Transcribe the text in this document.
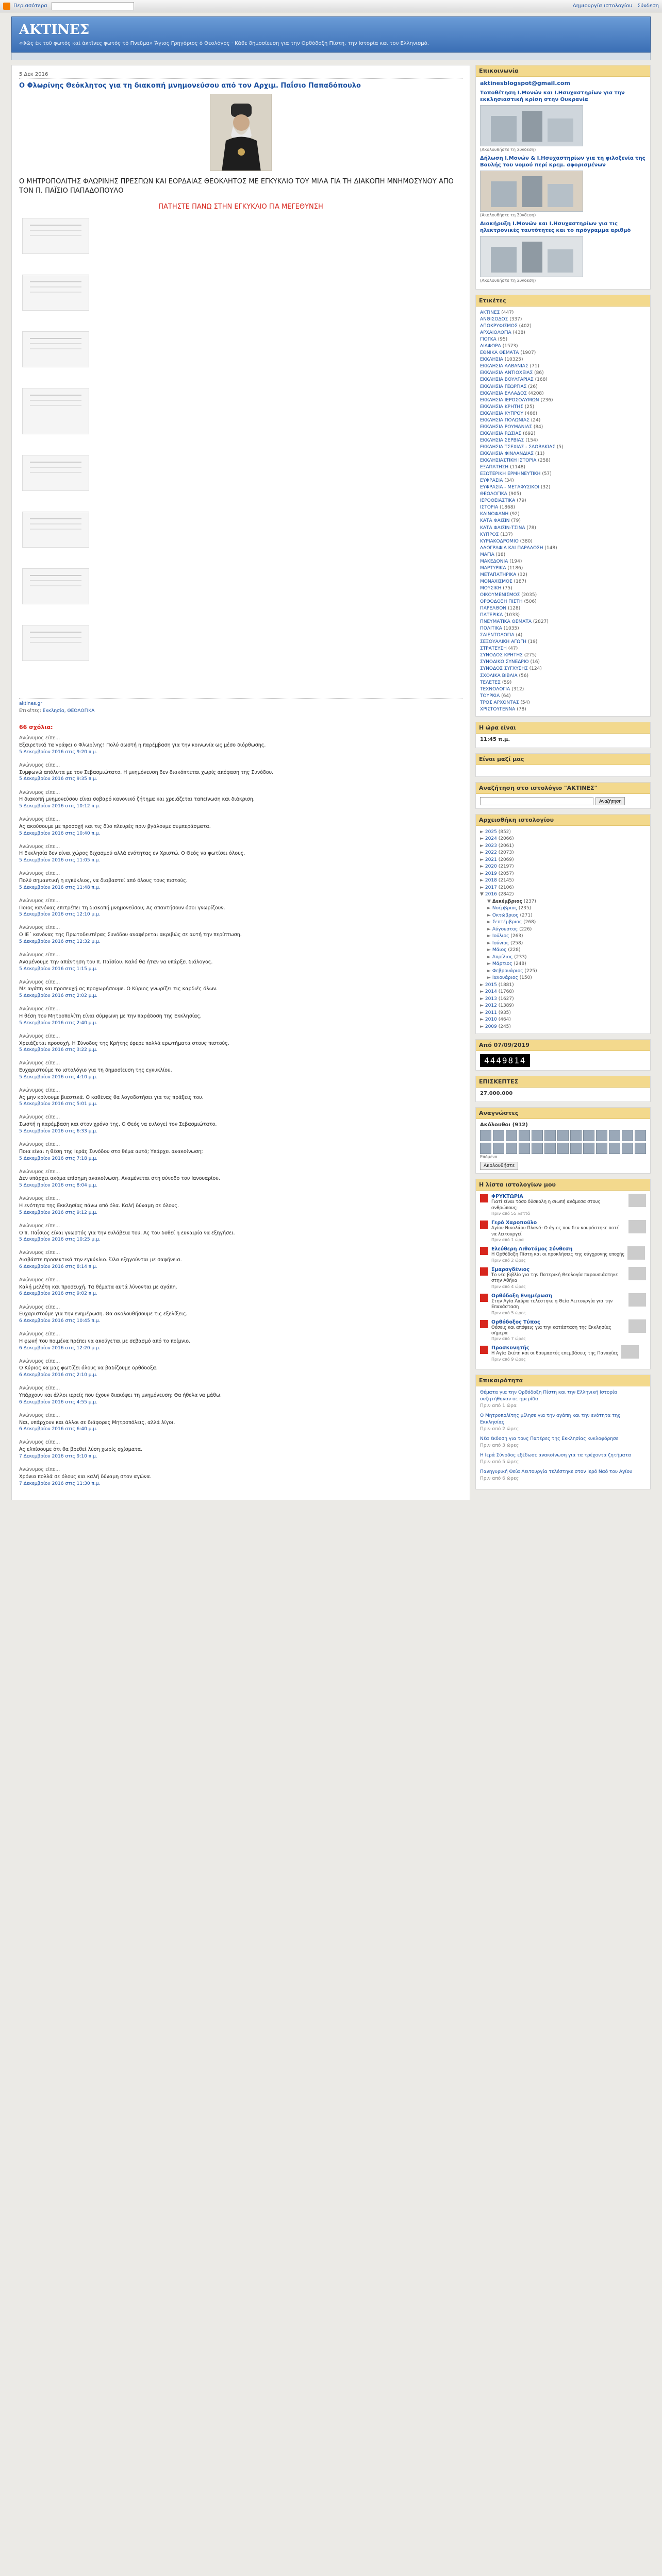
Περισσότερα	Δημιουργία ιστολογίου Σύνδεση
ΑΚΤΙΝΕΣ
«Φῶς ἐκ τοῦ φωτὸς καὶ ἀκτῖνες φωτὸς τὸ Πνεῦμα» Ἅγιος Γρηγόριος ὁ Θεολόγος · Κάθε δημοσίευση για την Ορθόδοξη Πίστη, την Ιστορία και τον Ελληνισμό.
5 Δεκ 2016
Ο Φλωρίνης Θεόκλητος για τη διακοπή μνημονεύσου από τον Αρχιμ. Παΐσιο Παπαδόπουλο
Ο ΜΗΤΡΟΠΟΛΙΤΗΣ ΦΛΩΡΙΝΗΣ ΠΡΕΣΠΩΝ ΚΑΙ ΕΟΡΔΑΙΑΣ ΘΕΟΚΛΗΤΟΣ ΜΕ ΕΓΚΥΚΛΙΟ ΤΟΥ ΜΙΛΑ ΓΙΑ ΤΗ ΔΙΑΚΟΠΗ ΜΝΗΜΟΣΥΝΟΥ ΑΠΟ ΤΟΝ Π. ΠΑΪΣΙΟ ΠΑΠΑΔΟΠΟΥΛΟ
ΠΑΤΗΣΤΕ ΠΑΝΩ ΣΤΗΝ ΕΓΚΥΚΛΙΟ ΓΙΑ ΜΕΓΕΘΥΝΣΗ
aktines.gr
Ετικέτες: Εκκλησία, ΘΕΟΛΟΓΙΚΑ
66 σχόλια:
Ανώνυμος είπε...
Εξαιρετικά τα γράφει ο Φλωρίνης! Πολύ σωστή η παρέμβαση για την κοινωνία ως μέσο διόρθωσης.
5 Δεκεμβρίου 2016 στις 9:20 π.μ.
Ανώνυμος είπε...
Συμφωνώ απόλυτα με τον Σεβασμιώτατο. Η μνημόνευση δεν διακόπτεται χωρίς απόφαση της Συνόδου.
5 Δεκεμβρίου 2016 στις 9:35 π.μ.
Ανώνυμος είπε...
Η διακοπή μνημονεύσου είναι σοβαρό κανονικό ζήτημα και χρειάζεται ταπείνωση και διάκριση.
5 Δεκεμβρίου 2016 στις 10:12 π.μ.
Ανώνυμος είπε...
Ας ακούσουμε με προσοχή και τις δύο πλευρές πριν βγάλουμε συμπεράσματα.
5 Δεκεμβρίου 2016 στις 10:40 π.μ.
Ανώνυμος είπε...
Η Εκκλησία δεν είναι χώρος διχασμού αλλά ενότητας εν Χριστώ. Ο Θεός να φωτίσει όλους.
5 Δεκεμβρίου 2016 στις 11:05 π.μ.
Ανώνυμος είπε...
Πολύ σημαντική η εγκύκλιος, να διαβαστεί από όλους τους πιστούς.
5 Δεκεμβρίου 2016 στις 11:48 π.μ.
Ανώνυμος είπε...
Ποιος κανόνας επιτρέπει τη διακοπή μνημονεύσου; Ας απαντήσουν όσοι γνωρίζουν.
5 Δεκεμβρίου 2016 στις 12:10 μ.μ.
Ανώνυμος είπε...
Ο ΙΕ΄ κανόνας της Πρωτοδευτέρας Συνόδου αναφέρεται ακριβώς σε αυτή την περίπτωση.
5 Δεκεμβρίου 2016 στις 12:32 μ.μ.
Ανώνυμος είπε...
Αναμένουμε την απάντηση του π. Παϊσίου. Καλό θα ήταν να υπάρξει διάλογος.
5 Δεκεμβρίου 2016 στις 1:15 μ.μ.
Ανώνυμος είπε...
Με αγάπη και προσευχή ας προχωρήσουμε. Ο Κύριος γνωρίζει τις καρδιές όλων.
5 Δεκεμβρίου 2016 στις 2:02 μ.μ.
Ανώνυμος είπε...
Η θέση του Μητροπολίτη είναι σύμφωνη με την παράδοση της Εκκλησίας.
5 Δεκεμβρίου 2016 στις 2:40 μ.μ.
Ανώνυμος είπε...
Χρειάζεται προσοχή. Η Σύνοδος της Κρήτης έφερε πολλά ερωτήματα στους πιστούς.
5 Δεκεμβρίου 2016 στις 3:22 μ.μ.
Ανώνυμος είπε...
Ευχαριστούμε το ιστολόγιο για τη δημοσίευση της εγκυκλίου.
5 Δεκεμβρίου 2016 στις 4:10 μ.μ.
Ανώνυμος είπε...
Ας μην κρίνουμε βιαστικά. Ο καθένας θα λογοδοτήσει για τις πράξεις του.
5 Δεκεμβρίου 2016 στις 5:01 μ.μ.
Ανώνυμος είπε...
Σωστή η παρέμβαση και στον χρόνο της. Ο Θεός να ευλογεί τον Σεβασμιώτατο.
5 Δεκεμβρίου 2016 στις 6:33 μ.μ.
Ανώνυμος είπε...
Ποια είναι η θέση της Ιεράς Συνόδου στο θέμα αυτό; Υπάρχει ανακοίνωση;
5 Δεκεμβρίου 2016 στις 7:18 μ.μ.
Ανώνυμος είπε...
Δεν υπάρχει ακόμα επίσημη ανακοίνωση. Αναμένεται στη σύνοδο του Ιανουαρίου.
5 Δεκεμβρίου 2016 στις 8:04 μ.μ.
Ανώνυμος είπε...
Η ενότητα της Εκκλησίας πάνω από όλα. Καλή δύναμη σε όλους.
5 Δεκεμβρίου 2016 στις 9:12 μ.μ.
Ανώνυμος είπε...
Ο π. Παΐσιος είναι γνωστός για την ευλάβεια του. Ας του δοθεί η ευκαιρία να εξηγήσει.
5 Δεκεμβρίου 2016 στις 10:25 μ.μ.
Ανώνυμος είπε...
Διαβάστε προσεκτικά την εγκύκλιο. Όλα εξηγούνται με σαφήνεια.
6 Δεκεμβρίου 2016 στις 8:14 π.μ.
Ανώνυμος είπε...
Καλή μελέτη και προσευχή. Τα θέματα αυτά λύνονται με αγάπη.
6 Δεκεμβρίου 2016 στις 9:02 π.μ.
Ανώνυμος είπε...
Ευχαριστούμε για την ενημέρωση. Θα ακολουθήσουμε τις εξελίξεις.
6 Δεκεμβρίου 2016 στις 10:45 π.μ.
Ανώνυμος είπε...
Η φωνή του ποιμένα πρέπει να ακούγεται με σεβασμό από το ποίμνιο.
6 Δεκεμβρίου 2016 στις 12:20 μ.μ.
Ανώνυμος είπε...
Ο Κύριος να μας φωτίζει όλους να βαδίζουμε ορθόδοξα.
6 Δεκεμβρίου 2016 στις 2:10 μ.μ.
Ανώνυμος είπε...
Υπάρχουν και άλλοι ιερείς που έχουν διακόψει τη μνημόνευση; Θα ήθελα να μάθω.
6 Δεκεμβρίου 2016 στις 4:55 μ.μ.
Ανώνυμος είπε...
Ναι, υπάρχουν και άλλοι σε διάφορες Μητροπόλεις, αλλά λίγοι.
6 Δεκεμβρίου 2016 στις 6:40 μ.μ.
Ανώνυμος είπε...
Ας ελπίσουμε ότι θα βρεθεί λύση χωρίς σχίσματα.
7 Δεκεμβρίου 2016 στις 9:10 π.μ.
Ανώνυμος είπε...
Χρόνια πολλά σε όλους και καλή δύναμη στον αγώνα.
7 Δεκεμβρίου 2016 στις 11:30 π.μ.
Επικοινωνία
aktinesblogspot@gmail.com
Τοποθέτηση Ι.Μονών και Ι.Ησυχαστηρίων για την εκκλησιαστική κρίση στην Ουκρανία
(Ακολουθήστε τη Σύνδεση)
Δήλωση Ι.Μονών & Ι.Ησυχαστηρίων για τη φιλοξενία της Βουλής του νομού περί κρεμ. αφορισμένων
(Ακολουθήστε τη Σύνδεση)
Διακήρυξη Ι.Μονών και Ι.Ησυχαστηρίων για τις ηλεκτρονικές ταυτότητες και το πρόγραμμα αριθμό
(Ακολουθήστε τη Σύνδεση)
Ετικέτες
ΑΚΤΙΝΕΣ (447)
ΑΝΘΙΣΟΔΟΣ (337)
ΑΠΟΚΡΥΦΙΣΜΟΣ (402)
ΑΡΧΑΙΟΛΟΓΙΑ (438)
ΓΙΟΓΚΑ (95)
ΔΙΑΦΟΡΑ (1573)
ΕΘΝΙΚΑ ΘΕΜΑΤΑ (1907)
ΕΚΚΛΗΣΙΑ (10325)
ΕΚΚΛΗΣΙΑ ΑΛΒΑΝΙΑΣ (71)
ΕΚΚΛΗΣΙΑ ΑΝΤΙΟΧΕΙΑΣ (86)
ΕΚΚΛΗΣΙΑ ΒΟΥΛΓΑΡΙΑΣ (168)
ΕΚΚΛΗΣΙΑ ΓΕΩΡΓΙΑΣ (26)
ΕΚΚΛΗΣΙΑ ΕΛΛΑΔΟΣ (4208)
ΕΚΚΛΗΣΙΑ ΙΕΡΟΣΟΛΥΜΩΝ (236)
ΕΚΚΛΗΣΙΑ ΚΡΗΤΗΣ (25)
ΕΚΚΛΗΣΙΑ ΚΥΠΡΟΥ (466)
ΕΚΚΛΗΣΙΑ ΠΟΛΩΝΙΑΣ (24)
ΕΚΚΛΗΣΙΑ ΡΟΥΜΑΝΙΑΣ (84)
ΕΚΚΛΗΣΙΑ ΡΩΣΙΑΣ (692)
ΕΚΚΛΗΣΙΑ ΣΕΡΒΙΑΣ (154)
ΕΚΚΛΗΣΙΑ ΤΣΕΧΙΑΣ - ΣΛΟΒΑΚΙΑΣ (5)
ΕΚΚΛΗΣΙΑ ΦΙΝΛΑΝΔΙΑΣ (11)
ΕΚΚΛΗΣΙΑΣΤΙΚΗ ΙΣΤΟΡΙΑ (258)
ΕΞΑΠΑΤΗΣΗ (1148)
ΕΞΩΤΕΡΙΚΗ ΕΡΜΗΝΕΥΤΙΚΗ (57)
ΕΥΦΡΑΣΙΑ (34)
ΕΥΦΡΑΣΙΑ - ΜΕΤΑΦΥΣΙΚΟΙ (32)
ΘΕΟΛΟΓΙΚΑ (905)
ΙΕΡΟΘΕΙΑΣΤΙΚΑ (79)
ΙΣΤΟΡΙΑ (1868)
ΚΑΙΝΟΦΑΝΗ (92)
ΚΑΤΑ ΦΑΙΣΙΝ (79)
ΚΑΤΑ ΦΑΙΣΙΝ-ΤΣΙΝΑ (78)
ΚΥΠΡΟΣ (137)
ΚΥΡΙΑΚΟΔΡΟΜΙΟ (380)
ΛΑΟΓΡΑΦΙΑ ΚΑΙ ΠΑΡΑΔΟΣΗ (148)
ΜΑΓΙΑ (18)
ΜΑΚΕΔΟΝΙΑ (194)
ΜΑΡΤΥΡΙΚΑ (1186)
ΜΕΤΑΠΑΤΗΡΙΚΑ (32)
ΜΟΝΑΧΙΣΜΟΣ (187)
ΜΟΥΣΙΚΗ (75)
ΟΙΚΟΥΜΕΝΙΣΜΟΣ (2035)
ΟΡΘΟΔΟΞΗ ΠΙΣΤΗ (506)
ΠΑΡΕΛΘΟΝ (128)
ΠΑΤΕΡΙΚΑ (1033)
ΠΝΕΥΜΑΤΙΚΑ ΘΕΜΑΤΑ (2827)
ΠΟΛΙΤΙΚΑ (1035)
ΣΑΙΕΝΤΟΛΟΓΙΑ (4)
ΣΕΞΟΥΑΛΙΚΗ ΑΓΩΓΗ (19)
ΣΤΡΑΤΕΥΣΗ (47)
ΣΥΝΟΔΟΣ ΚΡΗΤΗΣ (275)
ΣΥΝΟΔΙΚΟ ΣΥΝΕΔΡΙΟ (16)
ΣΥΝΟΔΟΣ ΣΥΓΧΥΣΗΣ (124)
ΣΧΟΛΙΚΑ ΒΙΒΛΙΑ (56)
ΤΕΛΕΤΕΣ (59)
ΤΕΧΝΟΛΟΓΙΑ (312)
ΤΟΥΡΚΙΑ (64)
ΤΡΟΣ ΑΡΧΟΝΤΑΣ (54)
ΧΡΙΣΤΟΥΓΕΝΝΑ (78)
Η ώρα είναι
11:45 π.μ.
Είναι μαζί μας
Αναζήτηση στο ιστολόγιο "ΑΚΤΙΝΕΣ"
Αναζήτηση
Αρχειοθήκη ιστολογίου
► 2025 (852)
► 2024 (2066)
► 2023 (2061)
► 2022 (2073)
► 2021 (2069)
► 2020 (2197)
► 2019 (2057)
► 2018 (2145)
► 2017 (2106)
▼ 2016 (2842)
▼ Δεκέμβριος (237)
► Νοέμβριος (235)
► Οκτώβριος (271)
► Σεπτέμβριος (268)
► Αύγουστος (226)
► Ιούλιος (263)
► Ιούνιος (258)
► Μάιος (228)
► Απρίλιος (233)
► Μάρτιος (248)
► Φεβρουάριος (225)
► Ιανουάριος (150)
► 2015 (1881)
► 2014 (1768)
► 2013 (1627)
► 2012 (1389)
► 2011 (935)
► 2010 (464)
► 2009 (245)
Από 07/09/2019
4449814
ΕΠΙΣΚΕΠΤΕΣ
27.000.000
Αναγνώστες
Ακόλουθοι (912)
Επόμενο
Ακολουθήστε
Η λίστα ιστολογίων μου
ΦΡΥΚΤΩΡΙΑ
Γιατί είναι τόσο δύσκολη η σιωπή ανάμεσα στους ανθρώπους;
Πριν από 55 λεπτά
Γερό Χαροπούλο
Αγίου Νικολάου Πλανά: Ο άγιος που δεν κουράστηκε ποτέ να λειτουργεί
Πριν από 1 ώρα
Ελεύθερη Λιθοτόμος Σύνθεση
Η Ορθόδοξη Πίστη και οι προκλήσεις της σύγχρονης εποχής
Πριν από 2 ώρες
Σμαραγδένιος
Το νέο βιβλίο για την Πατερική Θεολογία παρουσιάστηκε στην Αθήνα
Πριν από 4 ώρες
Ορθόδοξη Ενημέρωση
Στην Αγία Λαύρα τελέστηκε η Θεία Λειτουργία για την Επανάσταση
Πριν από 5 ώρες
Ορθόδοξος Τύπος
Θέσεις και απόψεις για την κατάσταση της Εκκλησίας σήμερα
Πριν από 7 ώρες
Προσκυνητής
Η Αγία Σκέπη και οι θαυμαστές επεμβάσεις της Παναγίας
Πριν από 9 ώρες
Επικαιρότητα
Θέματα για την Ορθόδοξη Πίστη και την Ελληνική Ιστορία συζητήθηκαν σε ημερίδα
Πριν από 1 ώρα
Ο Μητροπολίτης μίλησε για την αγάπη και την ενότητα της Εκκλησίας
Πριν από 2 ώρες
Νέα έκδοση για τους Πατέρες της Εκκλησίας κυκλοφόρησε
Πριν από 3 ώρες
Η Ιερά Σύνοδος εξέδωσε ανακοίνωση για τα τρέχοντα ζητήματα
Πριν από 5 ώρες
Πανηγυρική Θεία Λειτουργία τελέστηκε στον Ιερό Ναό του Αγίου
Πριν από 6 ώρες
